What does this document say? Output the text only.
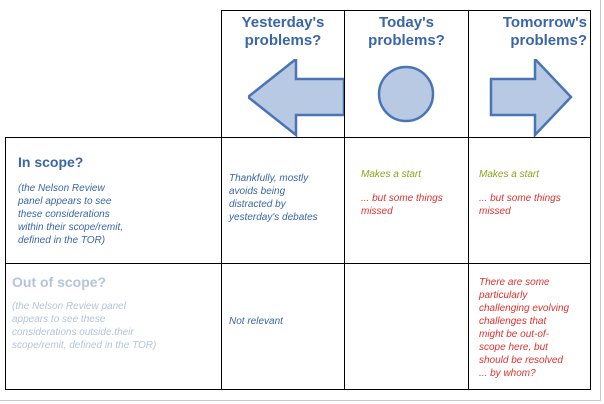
Yesterday's
problems?
Today's
problems?
Tomorrow's
problems?
In scope?
(the Nelson Review
panel appears to see
these considerations
within their scope/remit,
defined in the TOR)
Thankfully, mostly
avoids being
distracted by
yesterday's debates
Makes a start
... but some things
missed
Makes a start
... but some things
missed
Out of scope?
(the Nelson Review panel
appears to see these
considerations outside.their
scope/remit, defined in the TOR)
Not relevant
There are some
particularly
challenging evolving
challenges that
might be out-of-
scope here, but
should be resolved
... by whom?
